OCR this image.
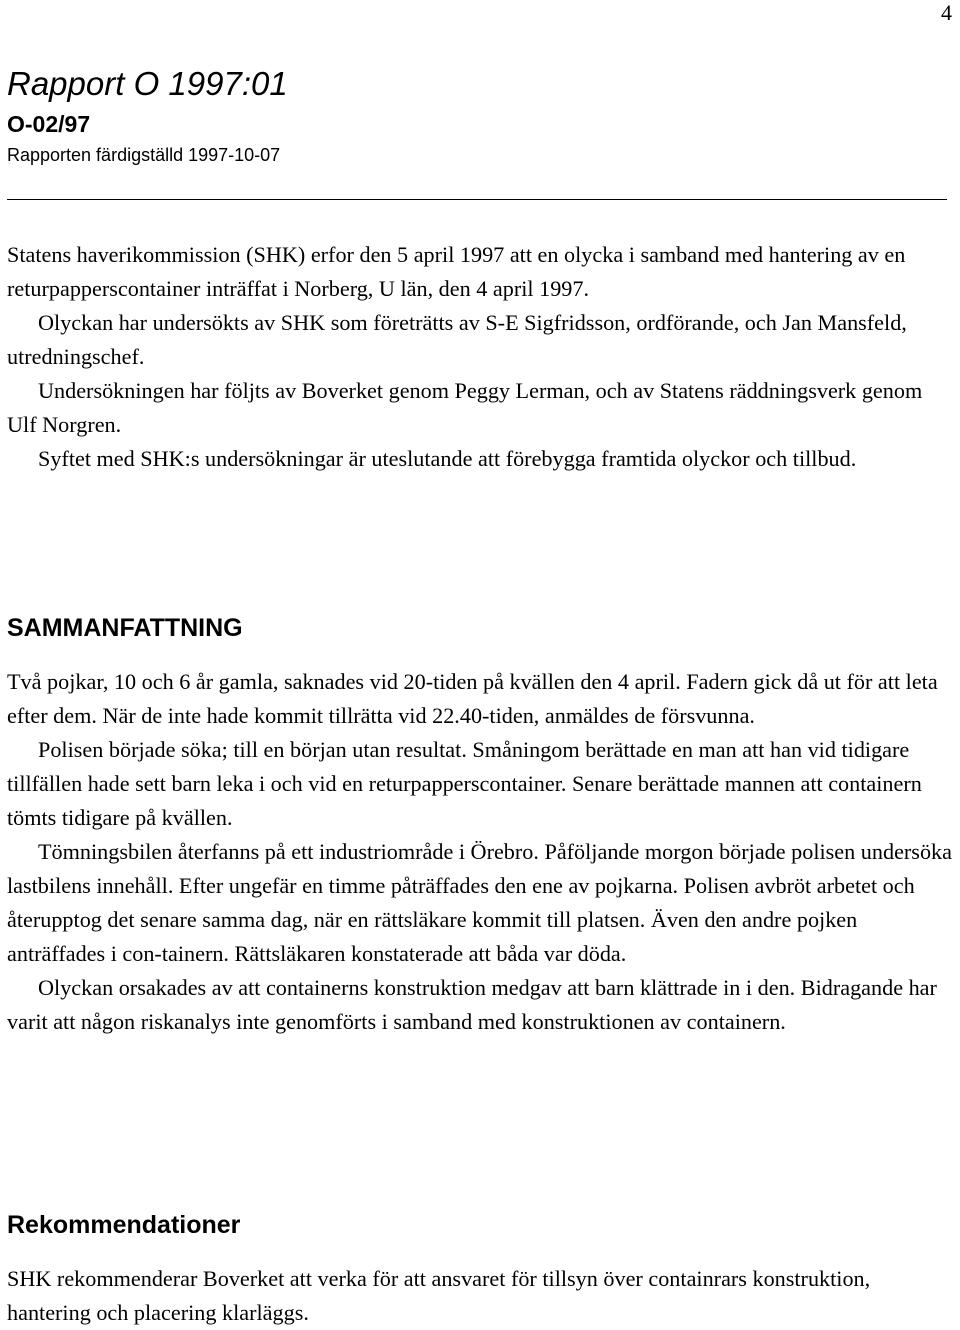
4
Rapport O 1997:01
O-02/97
Rapporten färdigställd 1997-10-07

Statens haverikommission (SHK) erfor den 5 april 1997 att en olycka i samband med hantering av en returpapperscontainer inträffat i Norberg, U län, den 4 april 1997.

Olyckan har undersökts av SHK som företrätts av S-E Sigfridsson, ordförande, och Jan Mansfeld, utredningschef.

Undersökningen har följts av Boverket genom Peggy Lerman, och av Statens räddningsverk genom Ulf Norgren.

Syftet med SHK:s undersökningar är uteslutande att förebygga framtida olyckor och tillbud.

SAMMANFATTNING

Två pojkar, 10 och 6 år gamla, saknades vid 20-tiden på kvällen den 4 april. Fadern gick då ut för att leta efter dem. När de inte hade kommit tillrätta vid 22.40-tiden, anmäldes de försvunna.

Polisen började söka; till en början utan resultat. Småningom berättade en man att han vid tidigare tillfällen hade sett barn leka i och vid en returpapperscontainer. Senare berättade mannen att containern tömts tidigare på kvällen.

Tömningsbilen återfanns på ett industriområde i Örebro. Påföljande morgon började polisen undersöka lastbilens innehåll. Efter ungefär en timme påträffades den ene av pojkarna. Polisen avbröt arbetet och återupptog det senare samma dag, när en rättsläkare kommit till platsen. Även den andre pojken anträffades i con-tainern. Rättsläkaren konstaterade att båda var döda.

Olyckan orsakades av att containerns konstruktion medgav att barn klättrade in i den. Bidragande har varit att någon riskanalys inte genomförts i samband med konstruktionen av containern.

Rekommendationer

SHK rekommenderar Boverket att verka för att ansvaret för tillsyn över containrars konstruktion, hantering och placering klarläggs.
